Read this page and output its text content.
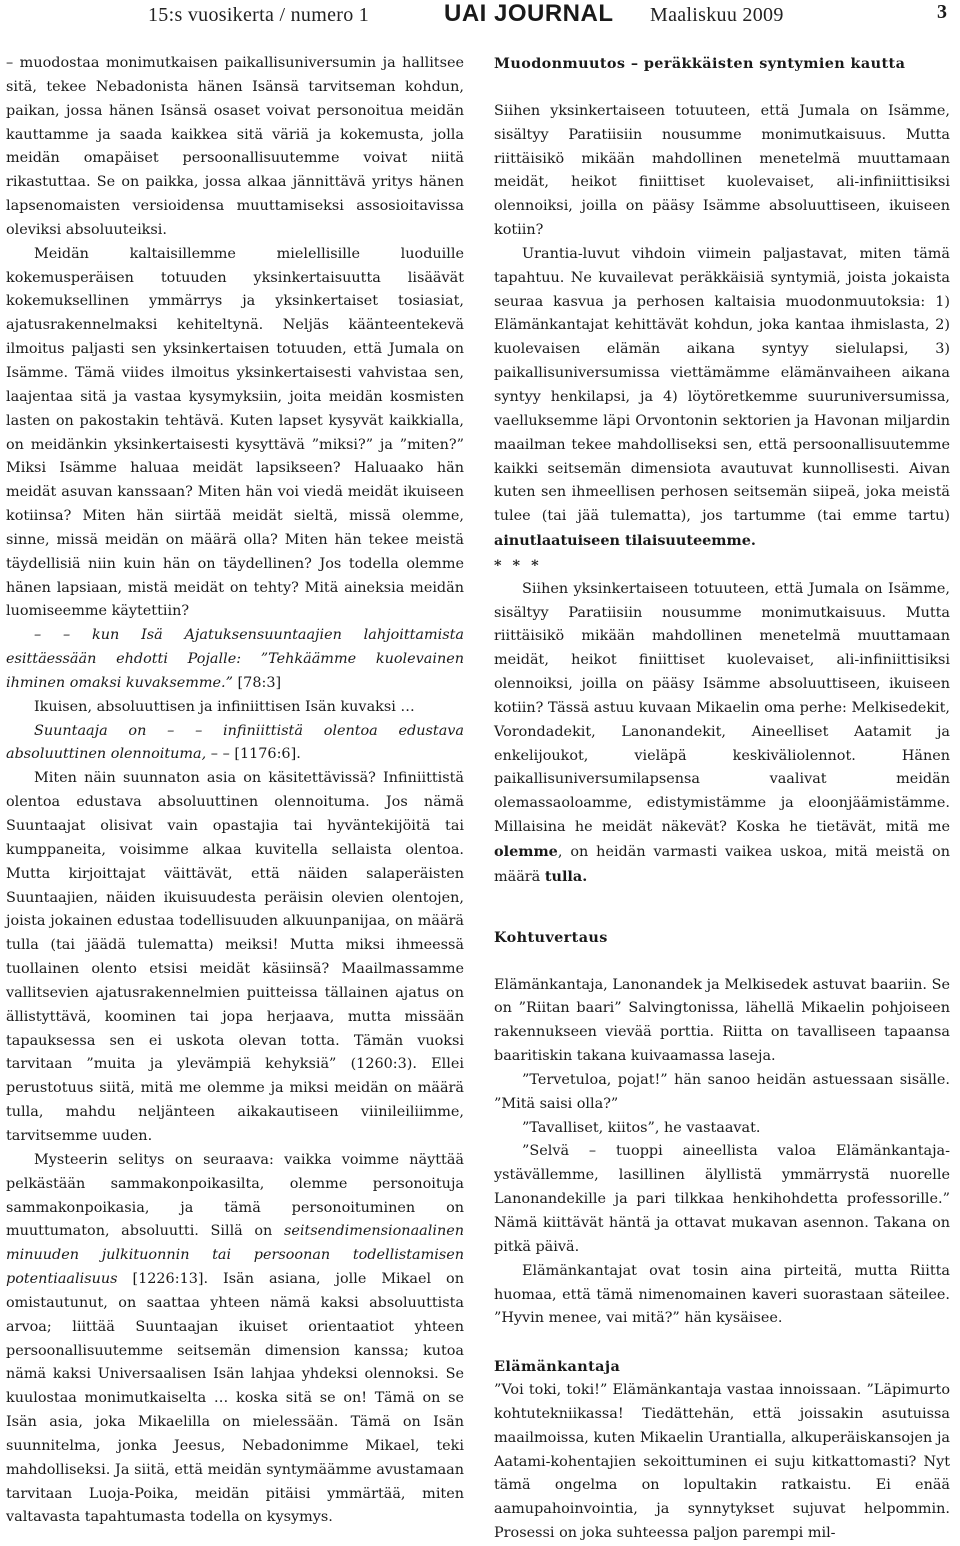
15:s vuosikerta / numero 1	UAI JOURNAL Maaliskuu 2009	3

– muodostaa monimutkaisen paikallisuniversumin ja hallitsee sitä, tekee Nebadonista hänen Isänsä tarvitseman kohdun, paikan, jossa hänen Isänsä osaset voivat personoitua meidän kauttamme ja saada kaikkea sitä väriä ja kokemusta, jolla meidän omapäiset persoonallisuutemme voivat niitä rikastuttaa. Se on paikka, jossa alkaa jännittävä yritys hänen lapsenomaisten versioidensa muuttamiseksi assosioitavissa oleviksi absoluuteiksi.

Meidän kaltaisillemme mielellisille luoduille kokemusperäisen totuuden yksinkertaisuutta lisäävät kokemuksellinen ymmärrys ja yksinkertaiset tosiasiat, ajatusrakennelmaksi kehiteltynä. Neljäs käänteentekevä ilmoitus paljasti sen yksinkertaisen totuuden, että Jumala on Isämme. Tämä viides ilmoitus yksinkertaisesti vahvistaa sen, laajentaa sitä ja vastaa kysymyksiin, joita meidän kosmisten lasten on pakostakin tehtävä. Kuten lapset kysyvät kaikkialla, on meidänkin yksinkertaisesti kysyttävä ”miksi?” ja ”miten?” Miksi Isämme haluaa meidät lapsikseen? Haluaako hän meidät asuvan kanssaan? Miten hän voi viedä meidät ikuiseen kotiinsa? Miten hän siirtää meidät sieltä, missä olemme, sinne, missä meidän on määrä olla? Miten hän tekee meistä täydellisiä niin kuin hän on täydellinen? Jos todella olemme hänen lapsiaan, mistä meidät on tehty? Mitä aineksia meidän luomiseemme käytettiin?

– – kun Isä Ajatuksensuuntaajien lahjoittamista esittäessään ehdotti Pojalle: ”Tehkäämme kuolevainen ihminen omaksi kuvaksemme.” [78:3]

Ikuisen, absoluuttisen ja infiniittisen Isän kuvaksi …

Suuntaaja on – – infiniittistä olentoa edustava absoluuttinen olennoituma, – – [1176:6].

Miten näin suunnaton asia on käsitettävissä? Infiniittistä olentoa edustava absoluuttinen olennoituma. Jos nämä Suuntaajat olisivat vain opastajia tai hyväntekijöitä tai kumppaneita, voisimme alkaa kuvitella sellaista olentoa. Mutta kirjoittajat väittävät, että näiden salaperäisten Suuntaajien, näiden ikuisuudesta peräisin olevien olentojen, joista jokainen edustaa todellisuuden alkuunpanijaa, on määrä tulla (tai jäädä tulematta) meiksi! Mutta miksi ihmeessä tuollainen olento etsisi meidät käsiinsä? Maailmassamme vallitsevien ajatusrakennelmien puitteissa tällainen ajatus on ällistyttävä, koominen tai jopa herjaava, mutta missään tapauksessa sen ei uskota olevan totta. Tämän vuoksi tarvitaan ”muita ja ylevämpiä kehyksiä” (1260:3). Ellei perustotuus siitä, mitä me olemme ja miksi meidän on määrä tulla, mahdu neljänteen aikakautiseen viinileiliimme, tarvitsemme uuden.

Mysteerin selitys on seuraava: vaikka voimme näyttää pelkästään sammakonpoikasilta, olemme personoituja sammakonpoikasia, ja tämä personoituminen on muuttumaton, absoluutti. Sillä on seitsendimensionaalinen minuuden julkituonnin tai persoonan todellistamisen potentiaalisuus [1226:13]. Isän asiana, jolle Mikael on omistautunut, on saattaa yhteen nämä kaksi absoluuttista arvoa; liittää Suuntaajan ikuiset orientaatiot yhteen persoonallisuutemme seitsemän dimension kanssa; kutoa nämä kaksi Universaalisen Isän lahjaa yhdeksi olennoksi. Se kuulostaa monimutkaiselta … koska sitä se on! Tämä on se Isän asia, joka Mikaelilla on mielessään. Tämä on Isän suunnitelma, jonka Jeesus, Nebadonimme Mikael, teki mahdolliseksi. Ja siitä, että meidän syntymäämme avustamaan tarvitaan Luoja-Poika, meidän pitäisi ymmärtää, miten valtavasta tapahtumasta todella on kysymys.

Muodonmuutos – peräkkäisten syntymien kautta

Siihen yksinkertaiseen totuuteen, että Jumala on Isämme, sisältyy Paratiisiin nousumme monimutkaisuus. Mutta riittäisikö mikään mahdollinen menetelmä muuttamaan meidät, heikot finiittiset kuolevaiset, ali-infiniittisiksi olennoiksi, joilla on pääsy Isämme absoluuttiseen, ikuiseen kotiin?

Urantia-luvut vihdoin viimein paljastavat, miten tämä tapahtuu. Ne kuvailevat peräkkäisiä syntymiä, joista jokaista seuraa kasvua ja perhosen kaltaisia muodonmuutoksia: 1) Elämänkantajat kehittävät kohdun, joka kantaa ihmislasta, 2) kuolevaisen elämän aikana syntyy sielulapsi, 3) paikallisuniversumissa viettämämme elämänvaiheen aikana syntyy henkilapsi, ja 4) löytöretkemme suuruniversumissa, vaelluksemme läpi Orvontonin sektorien ja Havonan miljardin maailman tekee mahdolliseksi sen, että persoonallisuutemme kaikki seitsemän dimensiota avautuvat kunnollisesti. Aivan kuten sen ihmeellisen perhosen seitsemän siipeä, joka meistä tulee (tai jää tulematta), jos tartumme (tai emme tartu) ainutlaatuiseen tilaisuuteemme.

* * *

Siihen yksinkertaiseen totuuteen, että Jumala on Isämme, sisältyy Paratiisiin nousumme monimutkaisuus. Mutta riittäisikö mikään mahdollinen menetelmä muuttamaan meidät, heikot finiittiset kuolevaiset, ali-infiniittisiksi olennoiksi, joilla on pääsy Isämme absoluuttiseen, ikuiseen kotiin? Tässä astuu kuvaan Mikaelin oma perhe: Melkisedekit, Vorondadekit, Lanonandekit, Aineelliset Aatamit ja enkelijoukot, vieläpä keskiväliolennot. Hänen paikallisuniversumilapsensa vaalivat meidän olemassaoloamme, edistymistämme ja eloonjäämistämme. Millaisina he meidät näkevät? Koska he tietävät, mitä me olemme, on heidän varmasti vaikea uskoa, mitä meistä on määrä tulla.

Kohtuvertaus

Elämänkantaja, Lanonandek ja Melkisedek astuvat baariin. Se on ”Riitan baari” Salvingtonissa, lähellä Mikaelin pohjoiseen rakennukseen vievää porttia. Riitta on tavalliseen tapaansa baaritiskin takana kuivaamassa laseja.

”Tervetuloa, pojat!” hän sanoo heidän astuessaan sisälle. ”Mitä saisi olla?”

”Tavalliset, kiitos”, he vastaavat.

”Selvä – tuoppi aineellista valoa Elämänkantaja-ystävällemme, lasillinen älyllistä ymmärrystä nuorelle Lanonandekille ja pari tilkkaa henkihohdetta professorille.” Nämä kiittävät häntä ja ottavat mukavan asennon. Takana on pitkä päivä.

Elämänkantajat ovat tosin aina pirteitä, mutta Riitta huomaa, että tämä nimenomainen kaveri suorastaan säteilee. ”Hyvin menee, vai mitä?” hän kysäisee.

Elämänkantaja

”Voi toki, toki!” Elämänkantaja vastaa innoissaan. ”Läpimurto kohtutekniikassa! Tiedättehän, että joissakin asutuissa maailmoissa, kuten Mikaelin Urantialla, alkuperäiskansojen ja Aatami-kohentajien sekoittuminen ei suju kitkattomasti? Nyt tämä ongelma on lopultakin ratkaistu. Ei enää aamupahoinvointia, ja synnytykset sujuvat helpommin. Prosessi on joka suhteessa paljon parempi mil-
